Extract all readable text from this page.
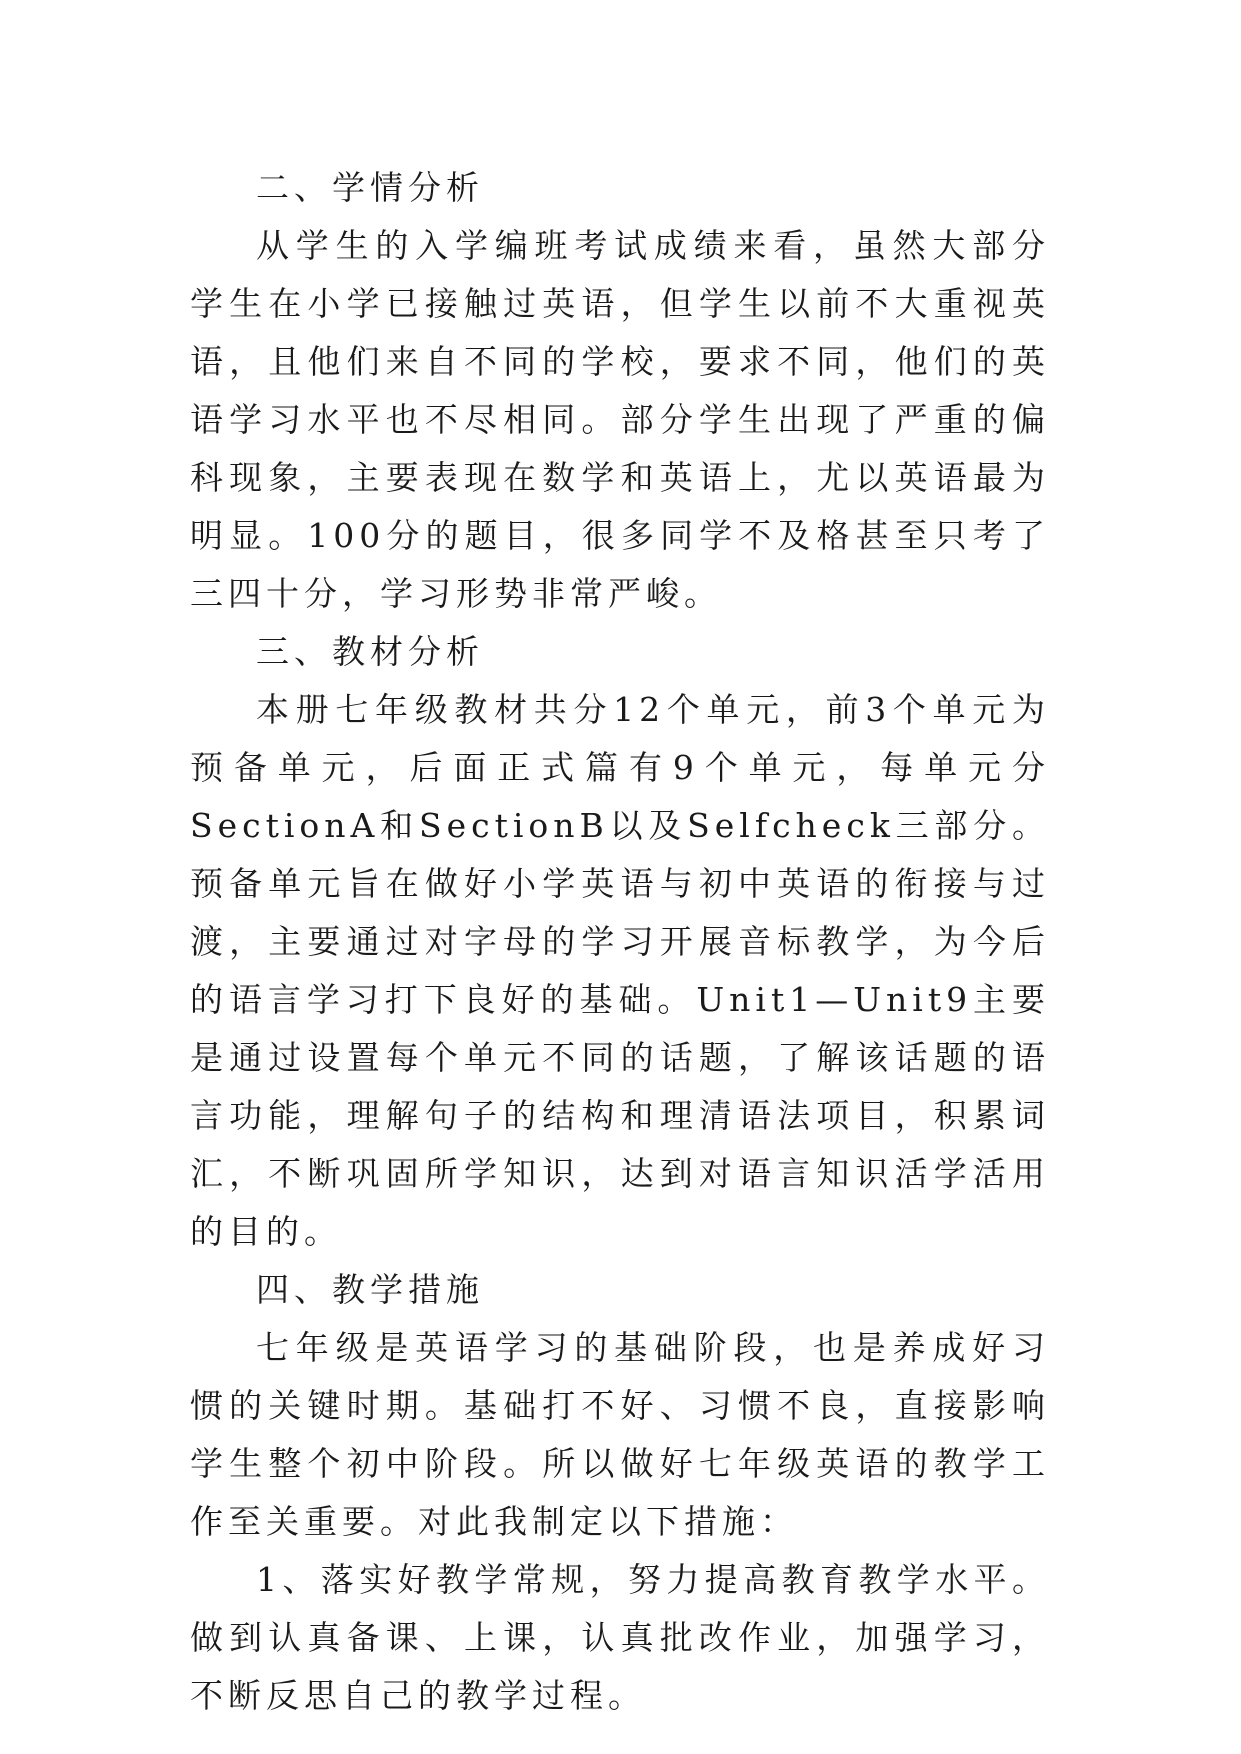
二、学情分析

从学生的入学编班考试成绩来看，虽然大部分学生在小学已接触过英语，但学生以前不大重视英语，且他们来自不同的学校，要求不同，他们的英语学习水平也不尽相同。部分学生出现了严重的偏科现象，主要表现在数学和英语上，尤以英语最为明显。100分的题目，很多同学不及格甚至只考了三四十分，学习形势非常严峻。

三、教材分析

本册七年级教材共分12个单元，前3个单元为预备单元，后面正式篇有9个单元，每单元分SectionA和SectionB以及Selfcheck三部分。预备单元旨在做好小学英语与初中英语的衔接与过渡，主要通过对字母的学习开展音标教学，为今后的语言学习打下良好的基础。Unit1—Unit9主要是通过设置每个单元不同的话题，了解该话题的语言功能，理解句子的结构和理清语法项目，积累词汇，不断巩固所学知识，达到对语言知识活学活用的目的。

四、教学措施

七年级是英语学习的基础阶段，也是养成好习惯的关键时期。基础打不好、习惯不良，直接影响学生整个初中阶段。所以做好七年级英语的教学工作至关重要。对此我制定以下措施：

1、落实好教学常规，努力提高教育教学水平。做到认真备课、上课，认真批改作业，加强学习，不断反思自己的教学过程。
